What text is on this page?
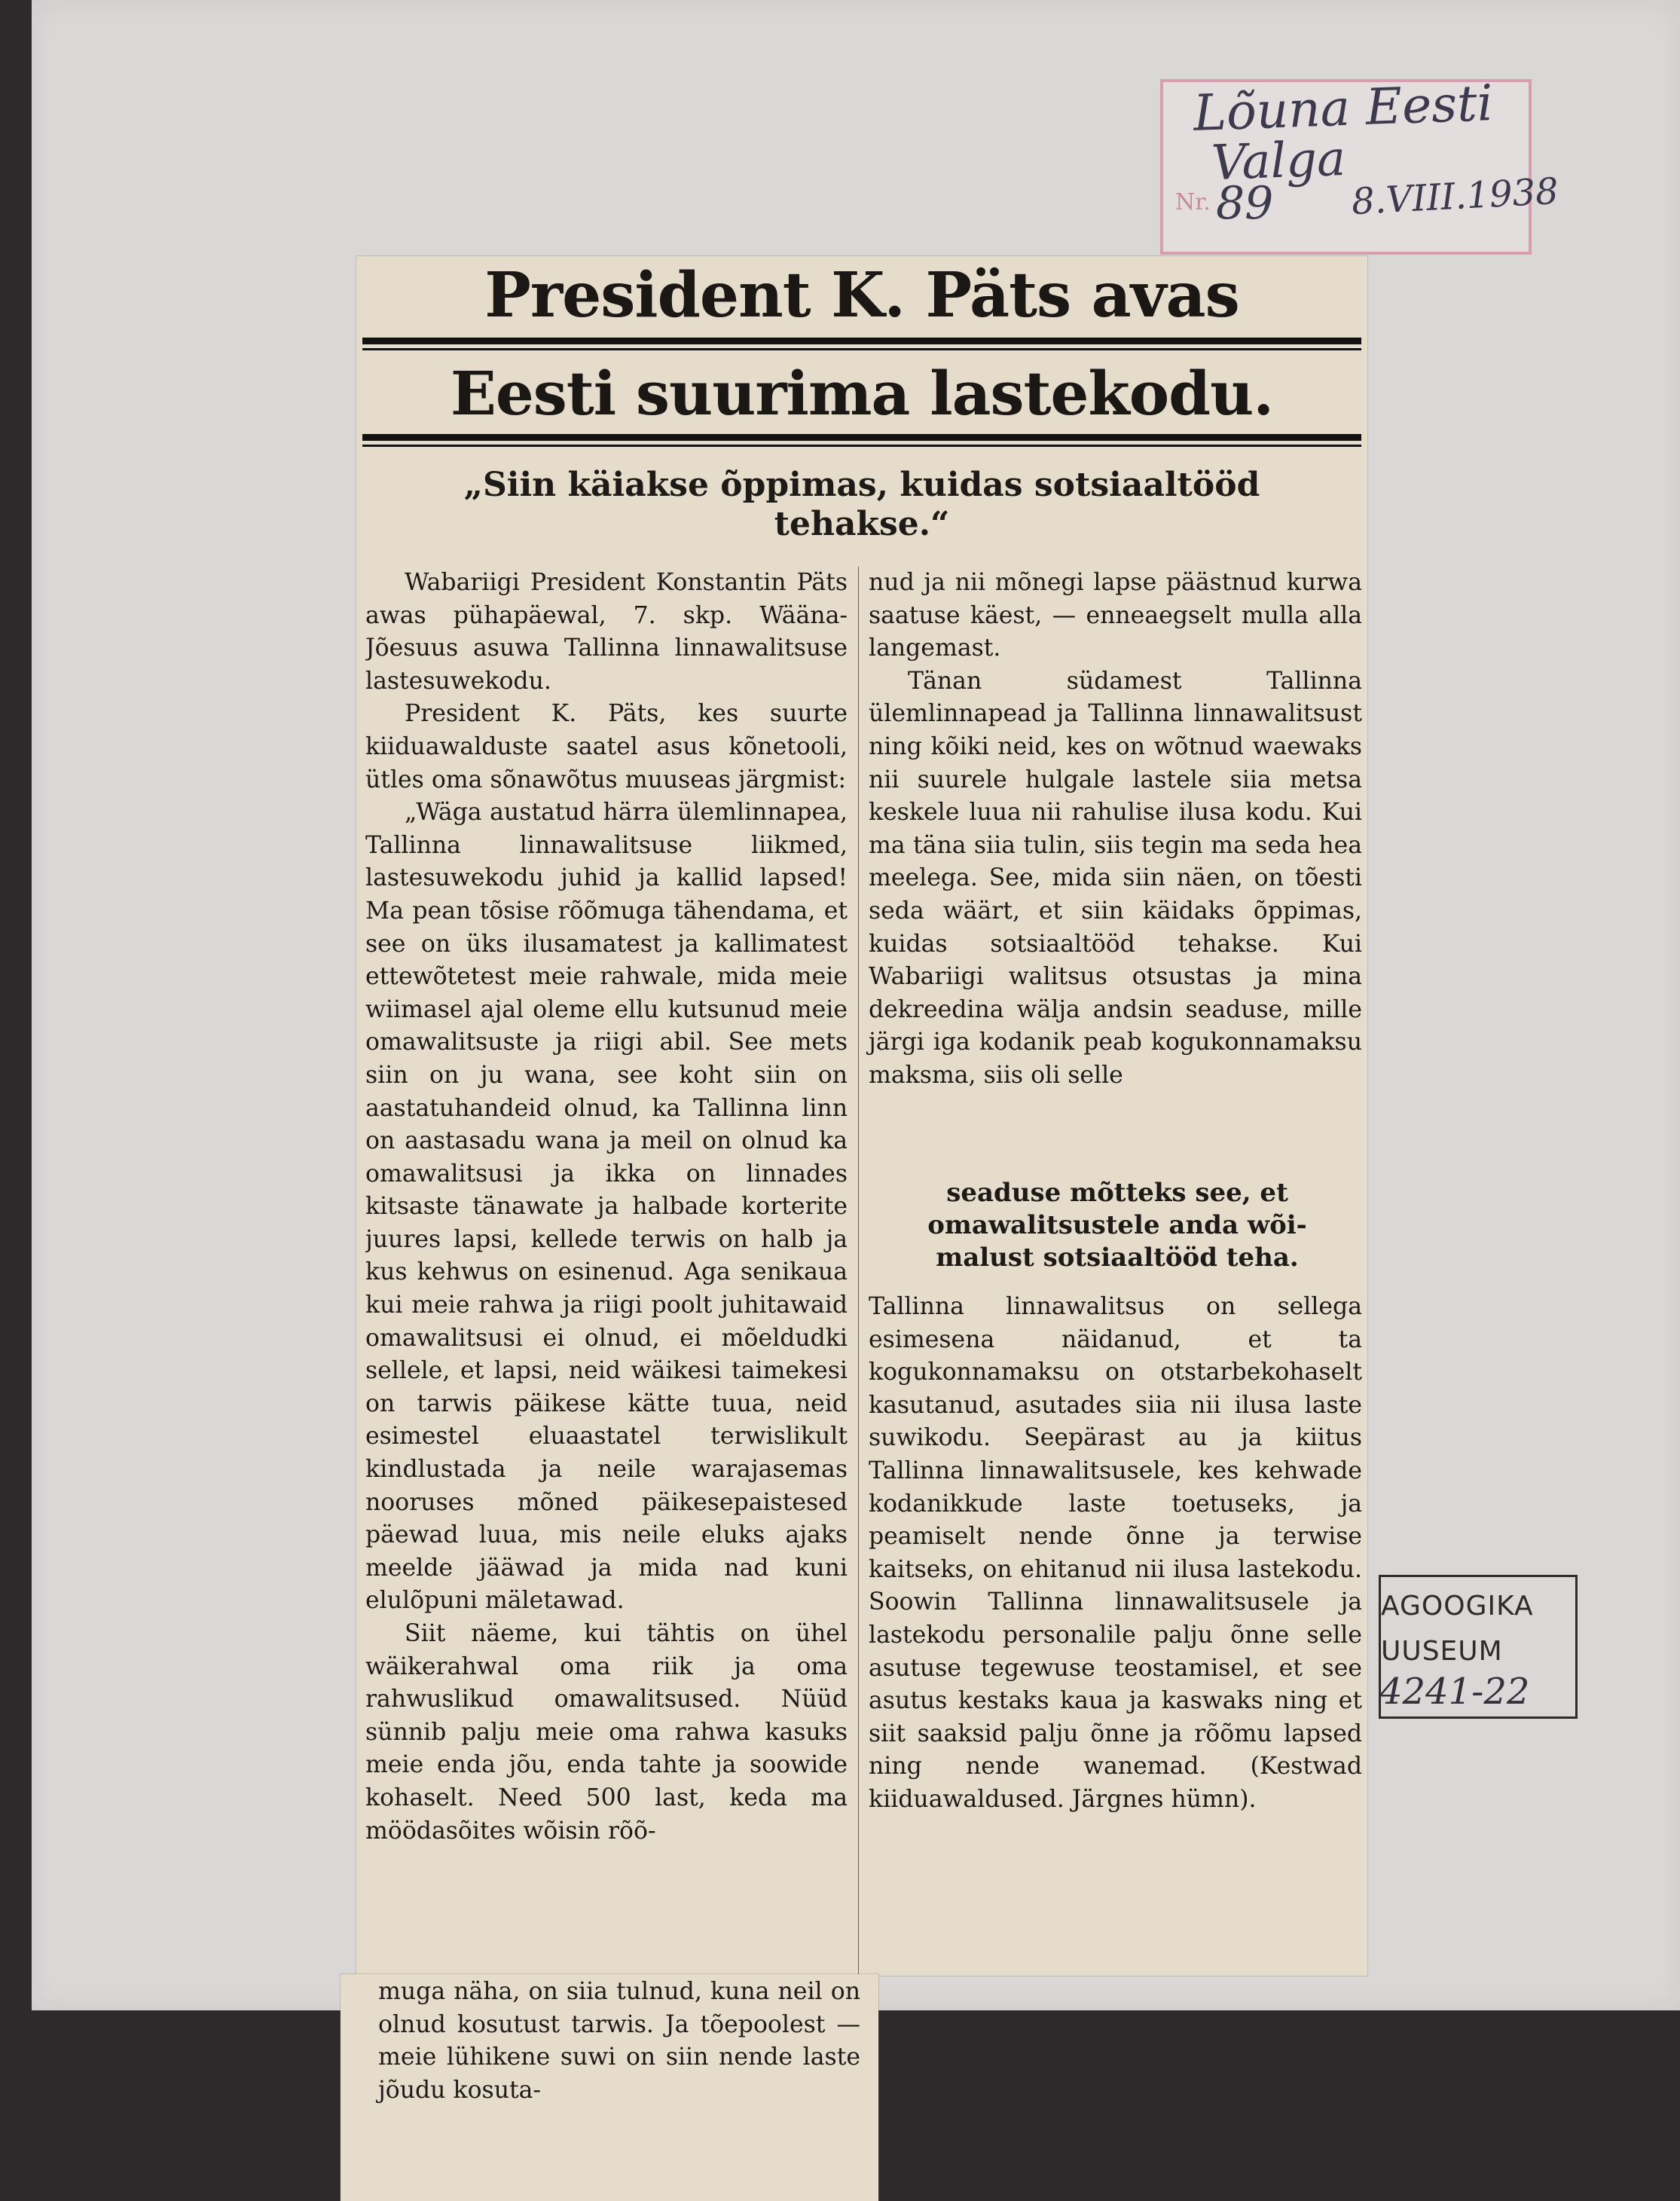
Lõuna Eesti
Valga
Nr. 89 8.VIII.1938
President K. Päts avas
Eesti suurima lastekodu.
„Siin käiakse õppimas, kuidas sotsiaaltööd tehakse.“

Wabariigi President Konstantin Päts awas pühapäewal, 7. skp. Wääna-Jõesuus asuwa Tallinna linnawalitsuse lastesuwekodu.

President K. Päts, kes suurte kiiduawalduste saatel asus kõnetooli, ütles oma sõnawõtus muuseas järgmist:

„Wäga austatud härra ülemlinnapea, Tallinna linnawalitsuse liikmed, lastesuwekodu juhid ja kallid lapsed! Ma pean tõsise rõõmuga tähendama, et see on üks ilusamatest ja kallimatest ettewõtetest meie rahwale, mida meie wiimasel ajal oleme ellu kutsunud meie omawalitsuste ja riigi abil. See mets siin on ju wana, see koht siin on aastatuhandeid olnud, ka Tallinna linn on aastasadu wana ja meil on olnud ka omawalitsusi ja ikka on linnades kitsaste tänawate ja halbade korterite juures lapsi, kellede terwis on halb ja kus kehwus on esinenud. Aga senikaua kui meie rahwa ja riigi poolt juhitawaid omawalitsusi ei olnud, ei mõeldudki sellele, et lapsi, neid wäikesi taimekesi on tarwis päikese kätte tuua, neid esimestel eluaastatel terwislikult kindlustada ja neile warajasemas nooruses mõned päikesepaistesed päewad luua, mis neile eluks ajaks meelde jääwad ja mida nad kuni elulõpuni mäletawad.

Siit näeme, kui tähtis on ühel wäikerahwal oma riik ja oma rahwuslikud omawalitsused. Nüüd sünnib palju meie oma rahwa kasuks meie enda jõu, enda tahte ja soowide kohaselt. Need 500 last, keda ma möödasõites wõisin rõõ-

nud ja nii mõnegi lapse päästnud kurwa saatuse käest, — enneaegselt mulla alla langemast.

Tänan südamest Tallinna ülemlinnapead ja Tallinna linnawalitsust ning kõiki neid, kes on wõtnud waewaks nii suurele hulgale lastele siia metsa keskele luua nii rahulise ilusa kodu. Kui ma täna siia tulin, siis tegin ma seda hea meelega. See, mida siin näen, on tõesti seda wäärt, et siin käidaks õppimas, kuidas sotsiaaltööd tehakse. Kui Wabariigi walitsus otsustas ja mina dekreedina wälja andsin seaduse, mille järgi iga kodanik peab kogukonnamaksu maksma, siis oli selle

seaduse mõtteks see, et
omawalitsustele anda wõi-
malust sotsiaaltööd teha.

Tallinna linnawalitsus on sellega esimesena näidanud, et ta kogukonnamaksu on otstarbekohaselt kasutanud, asutades siia nii ilusa laste suwikodu. Seepärast au ja kiitus Tallinna linnawalitsusele, kes kehwade kodanikkude laste toetuseks, ja peamiselt nende õnne ja terwise kaitseks, on ehitanud nii ilusa lastekodu. Soowin Tallinna linnawalitsusele ja lastekodu personalile palju õnne selle asutuse tegewuse teostamisel, et see asutus kestaks kaua ja kaswaks ning et siit saaksid palju õnne ja rõõmu lapsed ning nende wanemad. (Kestwad kiiduawaldused. Järgnes hümn).

muga näha, on siia tulnud, kuna neil on olnud kosutust tarwis. Ja tõepoolest — meie lühikene suwi on siin nende laste jõudu kosuta-

AGOOGIKA
UUSEUM
4241-22
